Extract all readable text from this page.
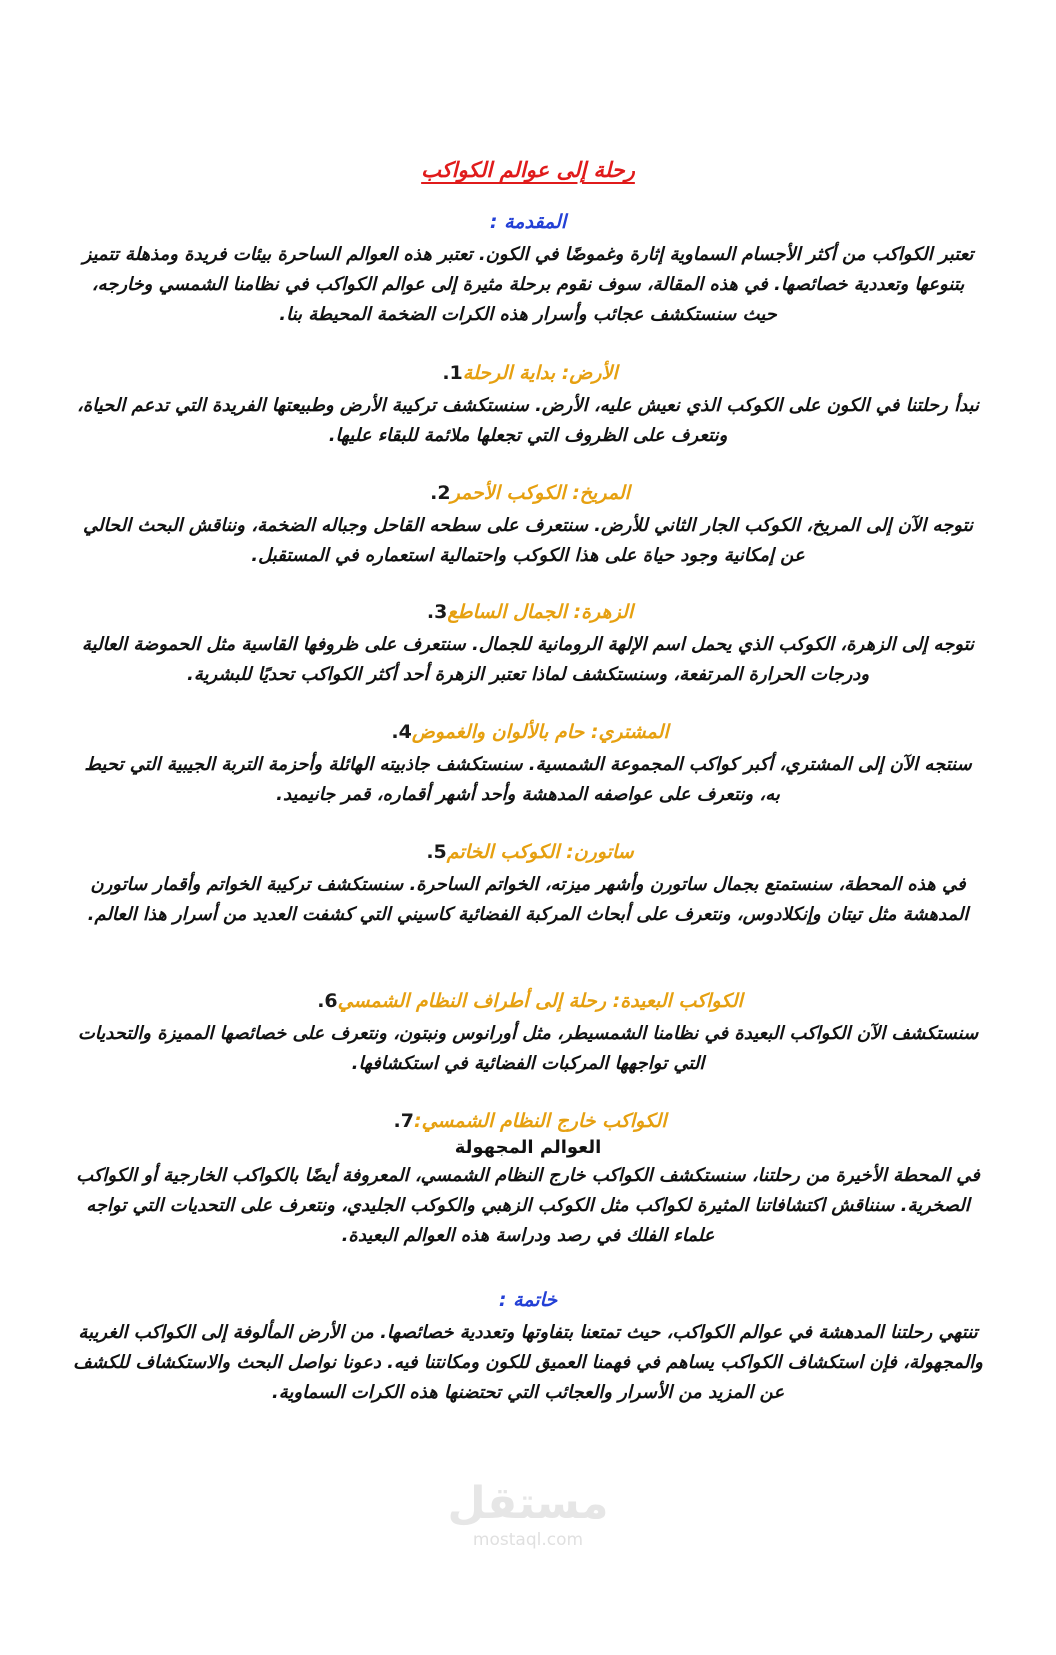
رحلة إلى عوالم الكواكب
المقدمة :
تعتبر الكواكب من أكثر الأجسام السماوية إثارة وغموضًا في الكون. تعتبر هذه العوالم الساحرة بيئات فريدة ومذهلة تتميز بتنوعها وتعددية خصائصها. في هذه المقالة، سوف نقوم برحلة مثيرة إلى عوالم الكواكب في نظامنا الشمسي وخارجه، حيث سنستكشف عجائب وأسرار هذه الكرات الضخمة المحيطة بنا.
الأرض: بداية الرحلة1.
نبدأ رحلتنا في الكون على الكوكب الذي نعيش عليه، الأرض. سنستكشف تركيبة الأرض وطبيعتها الفريدة التي تدعم الحياة، ونتعرف على الظروف التي تجعلها ملائمة للبقاء عليها.
المريخ: الكوكب الأحمر2.
نتوجه الآن إلى المريخ، الكوكب الجار الثاني للأرض. سنتعرف على سطحه القاحل وجباله الضخمة، ونناقش البحث الحالي عن إمكانية وجود حياة على هذا الكوكب واحتمالية استعماره في المستقبل.
الزهرة: الجمال الساطع3.
نتوجه إلى الزهرة، الكوكب الذي يحمل اسم الإلهة الرومانية للجمال. سنتعرف على ظروفها القاسية مثل الحموضة العالية ودرجات الحرارة المرتفعة، وسنستكشف لماذا تعتبر الزهرة أحد أكثر الكواكب تحديًا للبشرية.
المشتري: حام بالألوان والغموض4.
سنتجه الآن إلى المشتري، أكبر كواكب المجموعة الشمسية. سنستكشف جاذبيته الهائلة وأحزمة التربة الجيبية التي تحيط به، ونتعرف على عواصفه المدهشة وأحد أشهر أقماره، قمر جانيميد.
ساتورن: الكوكب الخاتم5.
في هذه المحطة، سنستمتع بجمال ساتورن وأشهر ميزته، الخواتم الساحرة. سنستكشف تركيبة الخواتم وأقمار ساتورن المدهشة مثل تيتان وإنكلادوس، ونتعرف على أبحاث المركبة الفضائية كاسيني التي كشفت العديد من أسرار هذا العالم.
الكواكب البعيدة: رحلة إلى أطراف النظام الشمسي6.
سنستكشف الآن الكواكب البعيدة في نظامنا الشمسيطر، مثل أورانوس ونبتون، ونتعرف على خصائصها المميزة والتحديات التي تواجهها المركبات الفضائية في استكشافها.
الكواكب خارج النظام الشمسي:7.
العوالم المجهولة
في المحطة الأخيرة من رحلتنا، سنستكشف الكواكب خارج النظام الشمسي، المعروفة أيضًا بالكواكب الخارجية أو الكواكب الصخرية. سنناقش اكتشافاتنا المثيرة لكواكب مثل الكوكب الزهبي والكوكب الجليدي، ونتعرف على التحديات التي تواجه علماء الفلك في رصد ودراسة هذه العوالم البعيدة.
خاتمة :
تنتهي رحلتنا المدهشة في عوالم الكواكب، حيث تمتعنا بتفاوتها وتعددية خصائصها. من الأرض المألوفة إلى الكواكب الغريبة والمجهولة، فإن استكشاف الكواكب يساهم في فهمنا العميق للكون ومكانتنا فيه. دعونا نواصل البحث والاستكشاف للكشف عن المزيد من الأسرار والعجائب التي تحتضنها هذه الكرات السماوية.
مستقل
mostaql.com
